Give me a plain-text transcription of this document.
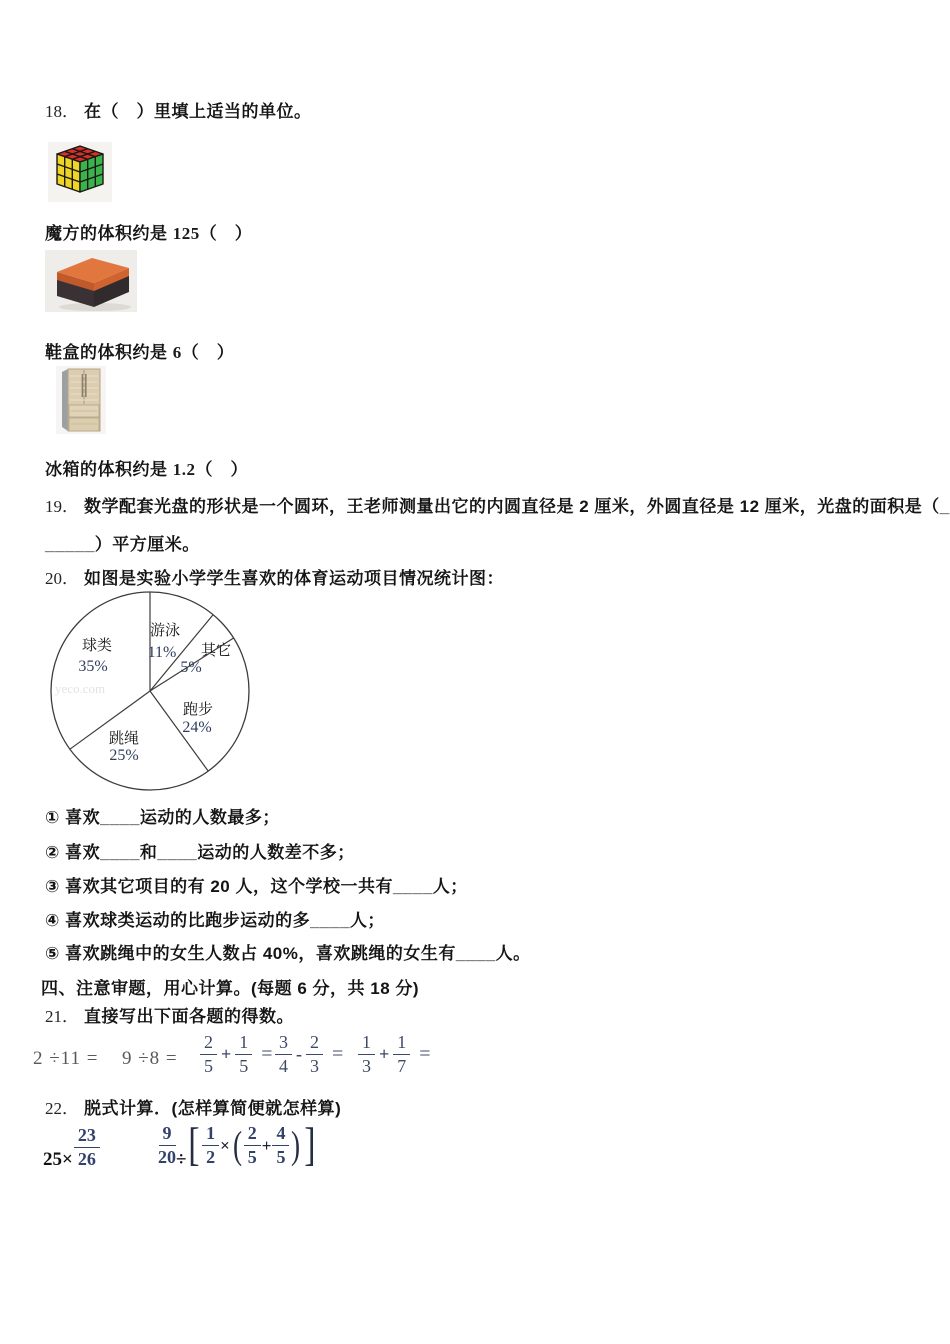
18． 在（　）里填上适当的单位。
魔方的体积约是 125（　）
鞋盒的体积约是 6（　）
冰箱的体积约是 1.2（　）
19． 数学配套光盘的形状是一个圆环，王老师测量出它的内圆直径是 2 厘米，外圆直径是 12 厘米，光盘的面积是（_
_____）平方厘米。
20． 如图是实验小学学生喜欢的体育运动项目情况统计图：
yeco.com
游泳
11% 其它
5%
跑步
24%
跳绳
25%
球类
35%
① 喜欢____运动的人数最多；
② 喜欢____和____运动的人数差不多；
③ 喜欢其它项目的有 20 人，这个学校一共有____人；
④ 喜欢球类运动的比跑步运动的多____人；
⑤ 喜欢跳绳中的女生人数占 40%，喜欢跳绳的女生有____人。
四、注意审题，用心计算。(每题 6 分，共 18 分)
21． 直接写出下面各题的得数。
$2 \div 11 = 9 \div 8 = \frac{2}{5} + \frac{1}{5} = \frac{3}{4} - \frac{2}{3} = \frac{1}{3} + \frac{1}{7}$ =
22． 脱式计算．(怎样算简便就怎样算)
$25\times \frac{23}{26}$	$\frac{9}{20}$ ÷ [ $\frac{1}{2}$ × ( $\frac{2}{5} + \frac{4}{5}$ ) ]
